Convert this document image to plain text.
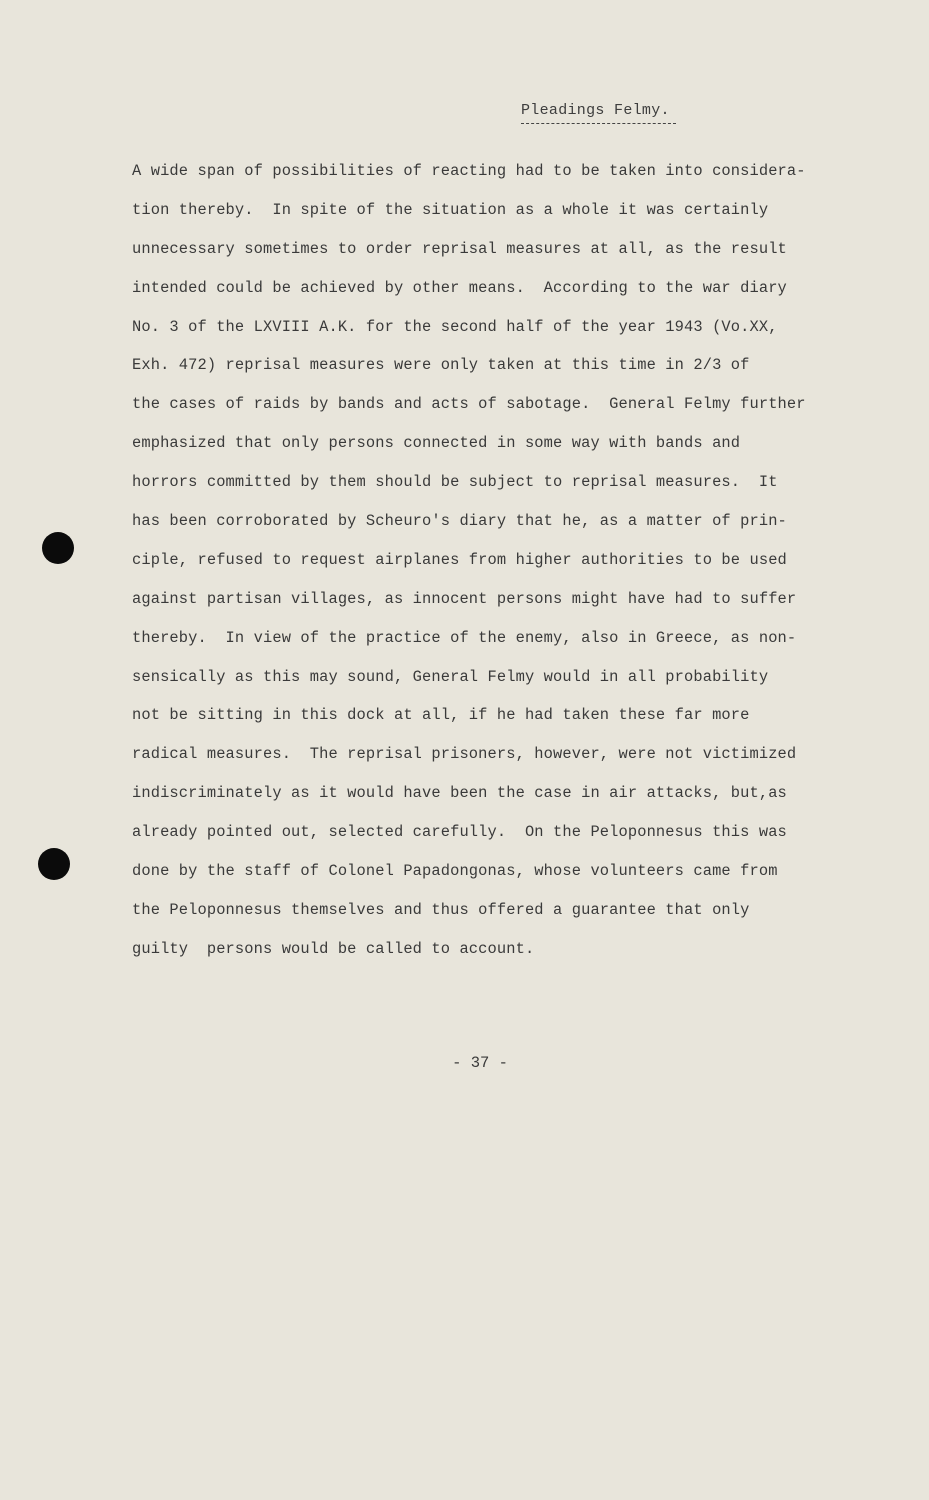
Pleadings Felmy.
A wide span of possibilities of reacting had to be taken into considera-
tion thereby.  In spite of the situation as a whole it was certainly
unnecessary sometimes to order reprisal measures at all, as the result
intended could be achieved by other means.  According to the war diary
No. 3 of the LXVIII A.K. for the second half of the year 1943 (Vo.XX,
Exh. 472) reprisal measures were only taken at this time in 2/3 of
the cases of raids by bands and acts of sabotage.  General Felmy further
emphasized that only persons connected in some way with bands and
horrors committed by them should be subject to reprisal measures.  It
has been corroborated by Scheuro's diary that he, as a matter of prin-
ciple, refused to request airplanes from higher authorities to be used
against partisan villages, as innocent persons might have had to suffer
thereby.  In view of the practice of the enemy, also in Greece, as non-
sensically as this may sound, General Felmy would in all probability
not be sitting in this dock at all, if he had taken these far more
radical measures.  The reprisal prisoners, however, were not victimized
indiscriminately as it would have been the case in air attacks, but,as
already pointed out, selected carefully.  On the Peloponnesus this was
done by the staff of Colonel Papadongonas, whose volunteers came from
the Peloponnesus themselves and thus offered a guarantee that only
guilty  persons would be called to account.
- 37 -
